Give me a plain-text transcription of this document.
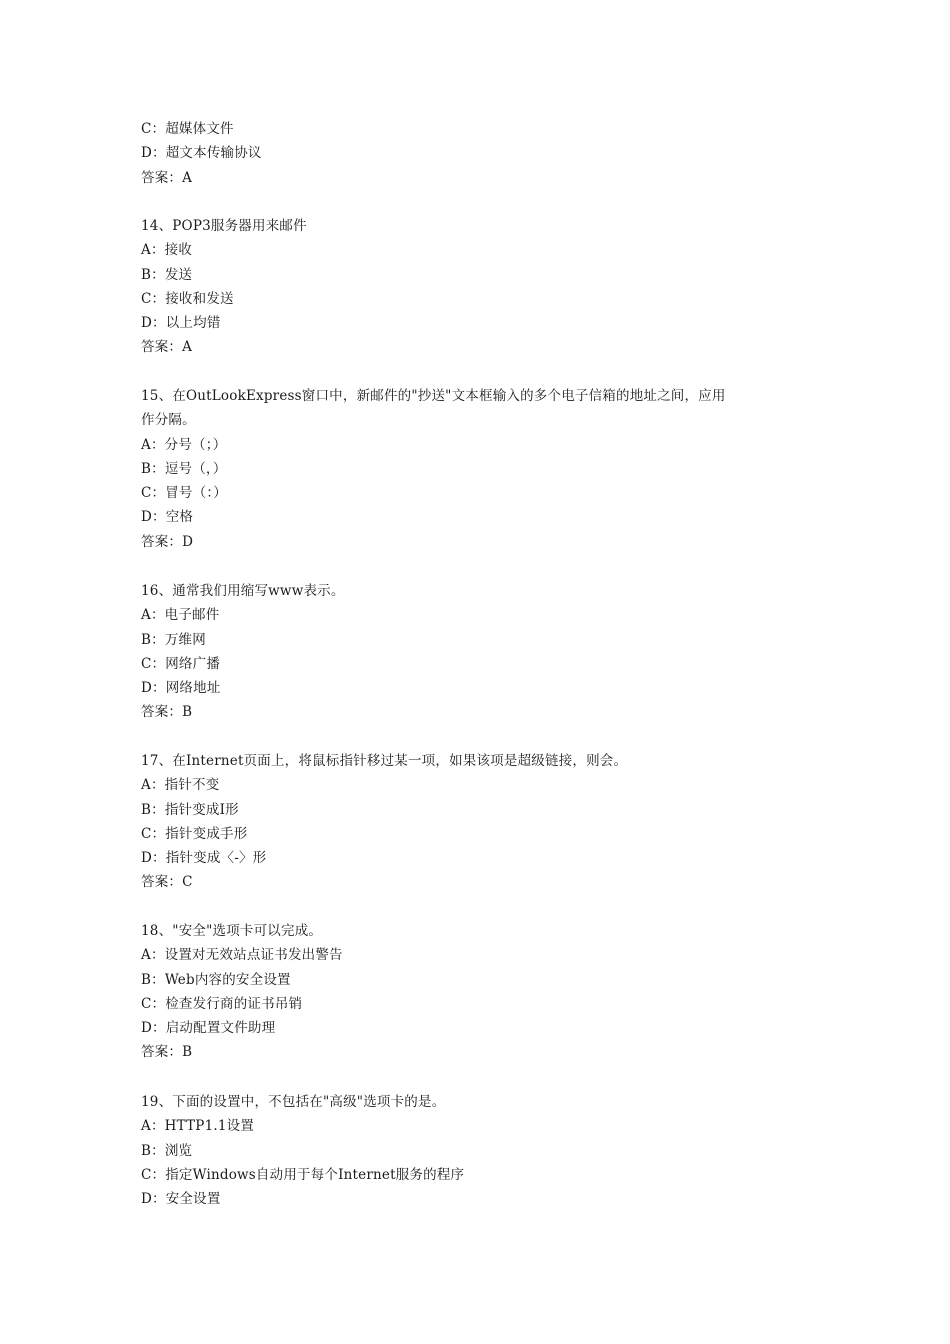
C：超媒体文件
D：超文本传输协议
答案：A
14、POP3服务器用来邮件
A：接收
B：发送
C：接收和发送
D：以上均错
答案：A
15、在OutLookExpress窗口中，新邮件的"抄送"文本框输入的多个电子信箱的地址之间，应用
作分隔。
A：分号（；）
B：逗号（，）
C：冒号（：）
D：空格
答案：D
16、通常我们用缩写www表示。
A：电子邮件
B：万维网
C：网络广播
D：网络地址
答案：B
17、在Internet页面上，将鼠标指针移过某一项，如果该项是超级链接，则会。
A：指针不变
B：指针变成I形
C：指针变成手形
D：指针变成〈-〉形
答案：C
18、"安全"选项卡可以完成。
A：设置对无效站点证书发出警告
B：Web内容的安全设置
C：检查发行商的证书吊销
D：启动配置文件助理
答案：B
19、下面的设置中，不包括在"高级"选项卡的是。
A：HTTP1.1设置
B：浏览
C：指定Windows自动用于每个Internet服务的程序
D：安全设置
